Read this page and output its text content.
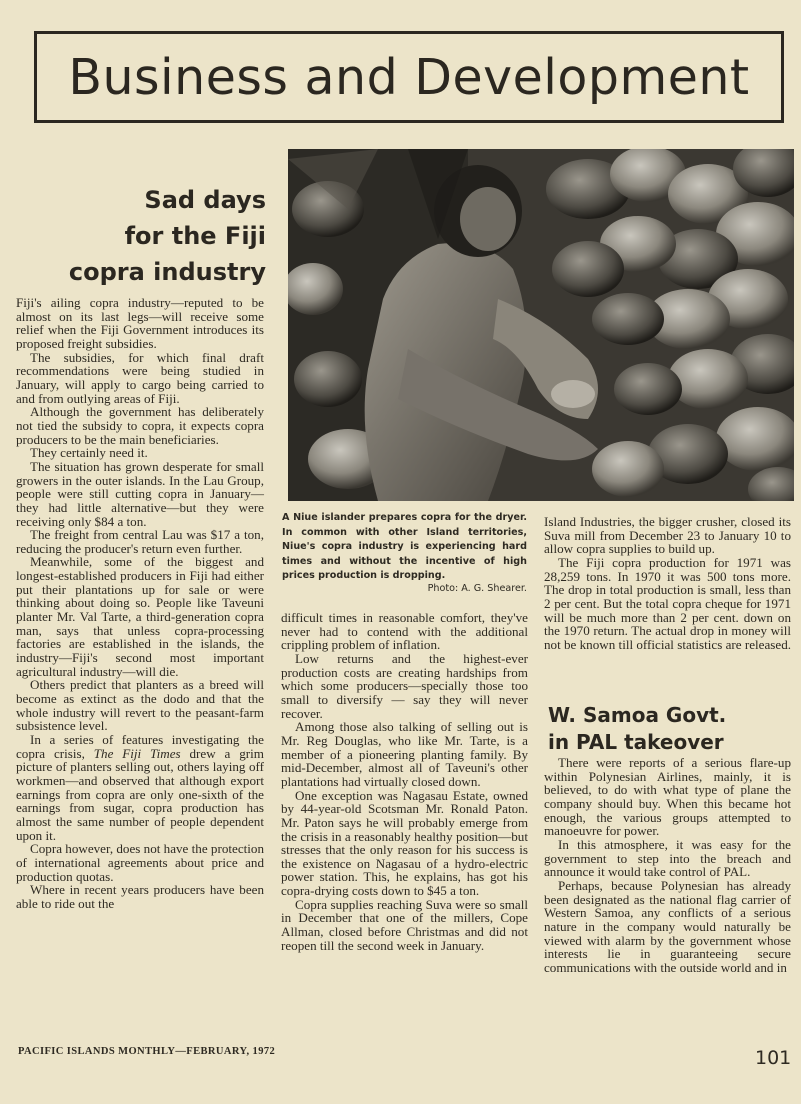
Business and Development
Sad days
for the Fiji
copra industry

Fiji's ailing copra industry—reputed to be almost on its last legs—will receive some relief when the Fiji Government introduces its proposed freight subsidies.

The subsidies, for which final draft recommendations were being studied in January, will apply to cargo being carried to and from outlying areas of Fiji.

Although the government has deliberately not tied the subsidy to copra, it expects copra producers to be the main beneficiaries.

They certainly need it.

The situation has grown desperate for small growers in the outer islands. In the Lau Group, people were still cutting copra in January—they had little alternative—but they were receiving only $84 a ton.

The freight from central Lau was $17 a ton, reducing the producer's return even further.

Meanwhile, some of the biggest and longest-established producers in Fiji had either put their plantations up for sale or were thinking about doing so. People like Taveuni planter Mr. Val Tarte, a third-generation copra man, says that unless copra-processing factories are established in the islands, the industry—Fiji's second most important agricultural industry—will die.

Others predict that planters as a breed will become as extinct as the dodo and that the whole industry will revert to the peasant-farm subsistence level.

In a series of features investigating the copra crisis, The Fiji Times drew a grim picture of planters selling out, others laying off workmen—and observed that although export earnings from copra are only one-sixth of the earnings from sugar, copra production has almost the same number of people dependent upon it.

Copra however, does not have the protection of international agreements about price and production quotas.

Where in recent years producers have been able to ride out the

A Niue islander prepares copra for the dryer. In common with other Island territories, Niue's copra industry is experiencing hard times and without the incentive of high prices production is dropping.
Photo: A. G. Shearer.

difficult times in reasonable comfort, they've never had to contend with the additional crippling problem of inflation.

Low returns and the highest-ever production costs are creating hardships from which some producers—specially those too small to diversify — say they will never recover.

Among those also talking of selling out is Mr. Reg Douglas, who like Mr. Tarte, is a member of a pioneering planting family. By mid-December, almost all of Taveuni's other plantations had virtually closed down.

One exception was Nagasau Estate, owned by 44-year-old Scotsman Mr. Ronald Paton. Mr. Paton says he will probably emerge from the crisis in a reasonably healthy position—but stresses that the only reason for his success is the existence on Nagasau of a hydro-electric power station. This, he explains, has got his copra-drying costs down to $45 a ton.

Copra supplies reaching Suva were so small in December that one of the millers, Cope Allman, closed before Christmas and did not reopen till the second week in January.

Island Industries, the bigger crusher, closed its Suva mill from December 23 to January 10 to allow copra supplies to build up.

The Fiji copra production for 1971 was 28,259 tons. In 1970 it was 500 tons more. The drop in total production is small, less than 2 per cent. But the total copra cheque for 1971 will be much more than 2 per cent. down on the 1970 return. The actual drop in money will not be known till official statistics are released.

W. Samoa Govt.
in PAL takeover

There were reports of a serious flare-up within Polynesian Airlines, mainly, it is believed, to do with what type of plane the company should buy. When this became hot enough, the various groups attempted to manoeuvre for power.

In this atmosphere, it was easy for the government to step into the breach and announce it would take control of PAL.

Perhaps, because Polynesian has already been designated as the national flag carrier of Western Samoa, any conflicts of a serious nature in the company would naturally be viewed with alarm by the government whose interests lie in guaranteeing secure communications with the outside world and in

PACIFIC ISLANDS MONTHLY—FEBRUARY, 1972	101
